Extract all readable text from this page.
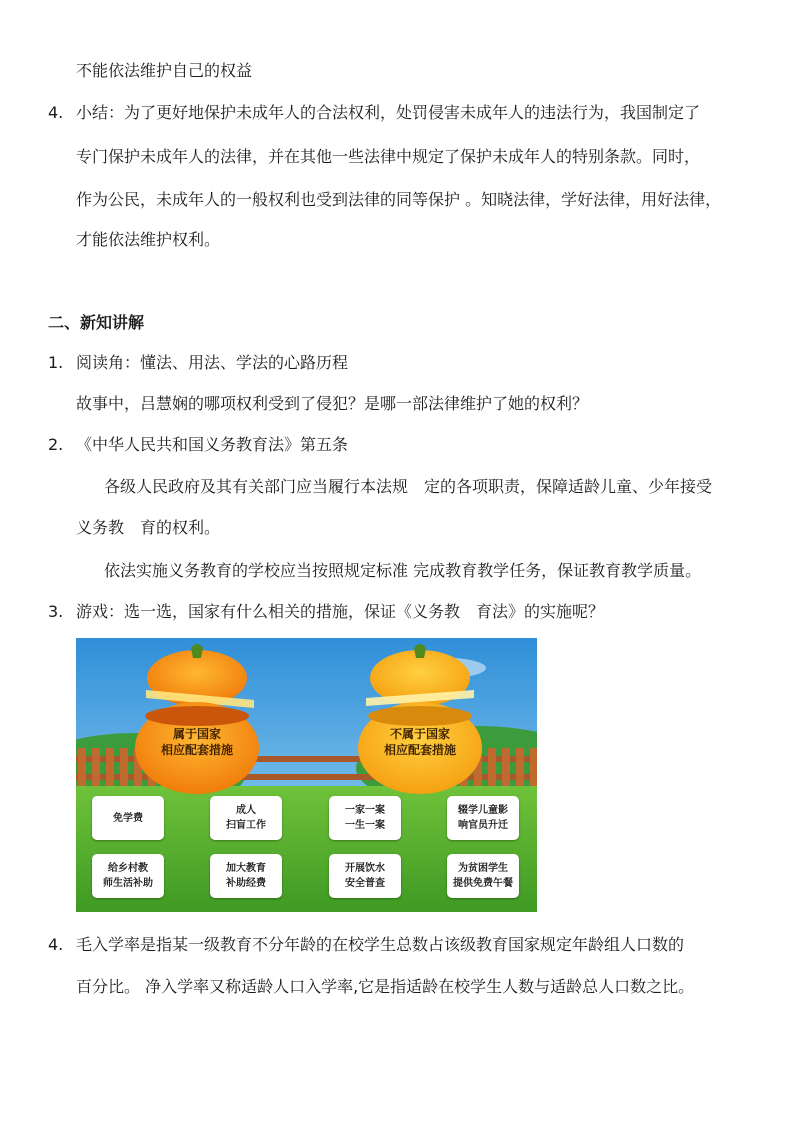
不能依法维护自己的权益
4. 小结：为了更好地保护未成年人的合法权利，处罚侵害未成年人的违法行为，我国制定了
专门保护未成年人的法律，并在其他一些法律中规定了保护未成年人的特别条款。同时，
作为公民，未成年人的一般权利也受到法律的同等保护 。知晓法律，学好法律，用好法律，
才能依法维护权利。
二、新知讲解
1. 阅读角：懂法、用法、学法的心路历程
故事中，吕慧娴的哪项权利受到了侵犯？是哪一部法律维护了她的权利？
2. 《中华人民共和国义务教育法》第五条
各级人民政府及其有关部门应当履行本法规　定的各项职责，保障适龄儿童、少年接受
义务教　育的权利。
依法实施义务教育的学校应当按照规定标准 完成教育教学任务，保证教育教学质量。
3. 游戏：选一选，国家有什么相关的措施，保证《义务教　育法》的实施呢？
属于国家
相应配套措施
不属于国家
相应配套措施
免学费
成人
扫盲工作
一家一案
一生一案
辍学儿童影
响官员升迁
给乡村教
师生活补助
加大教育
补助经费
开展饮水
安全普查
为贫困学生
提供免费午餐
4. 毛入学率是指某一级教育不分年龄的在校学生总数占该级教育国家规定年龄组人口数的
百分比。 净入学率又称适龄人口入学率,它是指适龄在校学生人数与适龄总人口数之比。
